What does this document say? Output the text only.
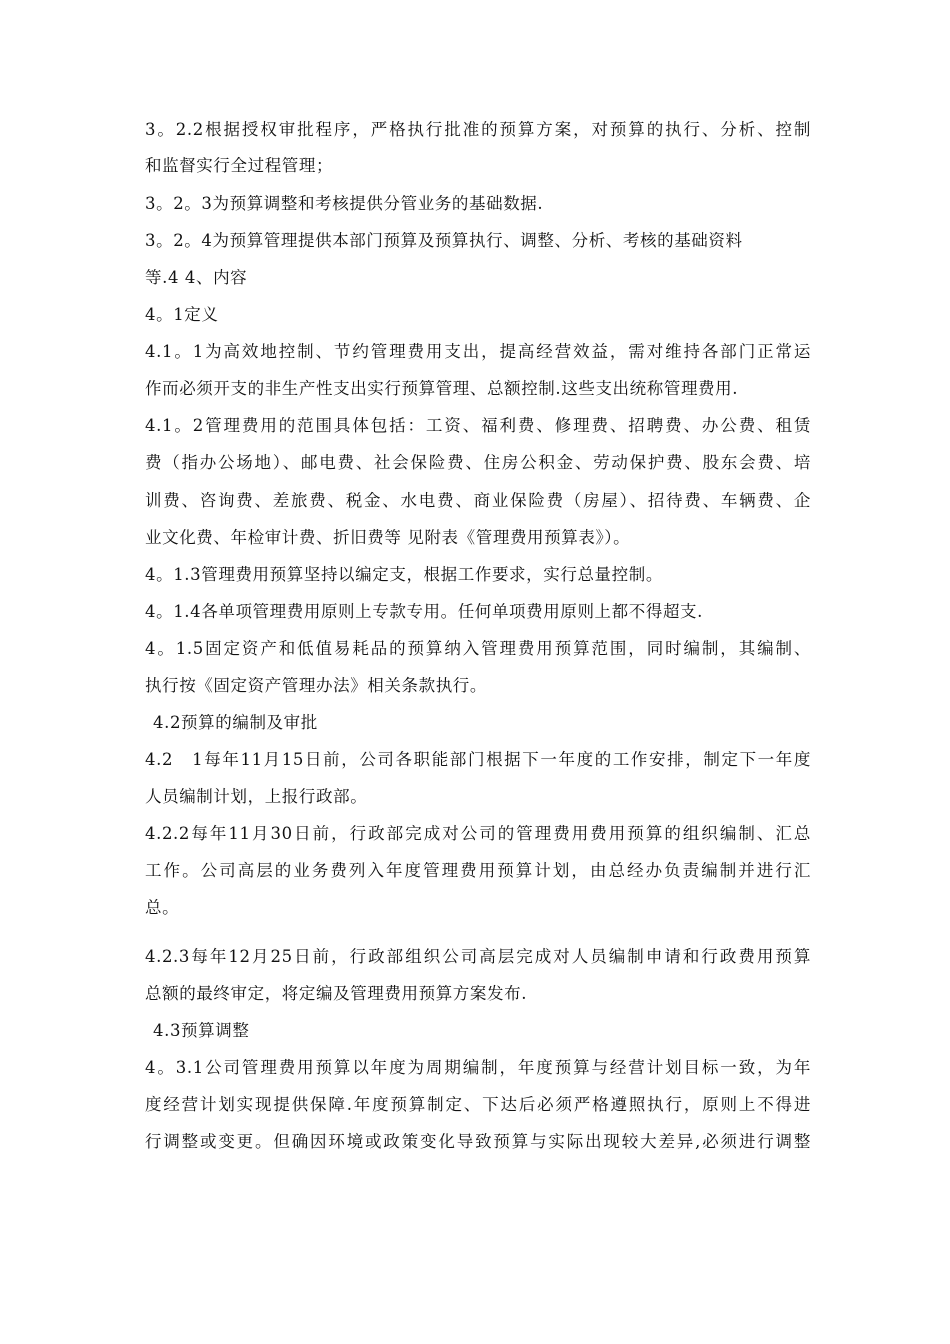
3。2.2根据授权审批程序，严格执行批准的预算方案，对预算的执行、分析、控制
和监督实行全过程管理；
3。2。3为预算调整和考核提供分管业务的基础数据.
3。2。4为预算管理提供本部门预算及预算执行、调整、分析、考核的基础资料
等.4 4、内容
4。1定义
4.1。1为高效地控制、节约管理费用支出，提高经营效益，需对维持各部门正常运
作而必须开支的非生产性支出实行预算管理、总额控制.这些支出统称管理费用.
4.1。2管理费用的范围具体包括：工资、福利费、修理费、招聘费、办公费、租赁
费（指办公场地）、邮电费、社会保险费、住房公积金、劳动保护费、股东会费、培
训费、咨询费、差旅费、税金、水电费、商业保险费（房屋）、招待费、车辆费、企
业文化费、年检审计费、折旧费等 见附表《管理费用预算表》）。
4。1.3管理费用预算坚持以编定支，根据工作要求，实行总量控制。
4。1.4各单项管理费用原则上专款专用。任何单项费用原则上都不得超支.
4。1.5固定资产和低值易耗品的预算纳入管理费用预算范围，同时编制，其编制、
执行按《固定资产管理办法》相关条款执行。
4.2预算的编制及审批
4.2　1每年11月15日前，公司各职能部门根据下一年度的工作安排，制定下一年度
人员编制计划，上报行政部。
4.2.2每年11月30日前，行政部完成对公司的管理费用费用预算的组织编制、汇总
工作。公司高层的业务费列入年度管理费用预算计划，由总经办负责编制并进行汇
总。
4.2.3每年12月25日前，行政部组织公司高层完成对人员编制申请和行政费用预算
总额的最终审定，将定编及管理费用预算方案发布.
4.3预算调整
4。3.1公司管理费用预算以年度为周期编制，年度预算与经营计划目标一致，为年
度经营计划实现提供保障.年度预算制定、下达后必须严格遵照执行，原则上不得进
行调整或变更。但确因环境或政策变化导致预算与实际出现较大差异,必须进行调整
